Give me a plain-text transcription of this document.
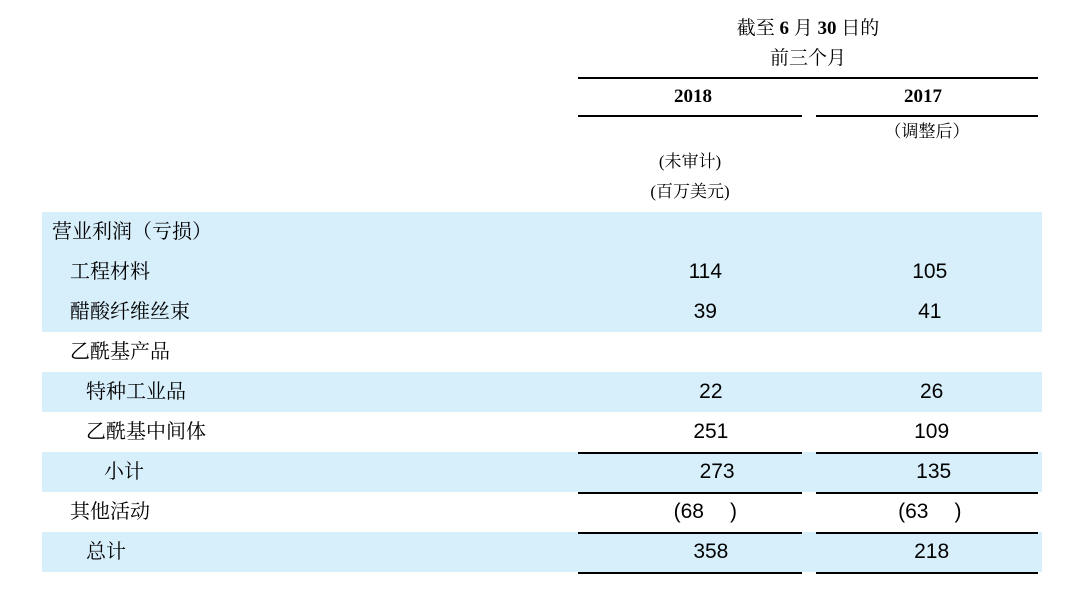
截至 6 月 30 日的
前三个月
2018	2017
（调整后）
(未审计)
(百万美元)
营业利润（亏损）
工程材料	114	105
醋酸纤维丝束	39	41
乙酰基产品
特种工业品	22	26
乙酰基中间体	251	109
小计	273	135
其他活动	(68 )	(63 )
总计	358	218
